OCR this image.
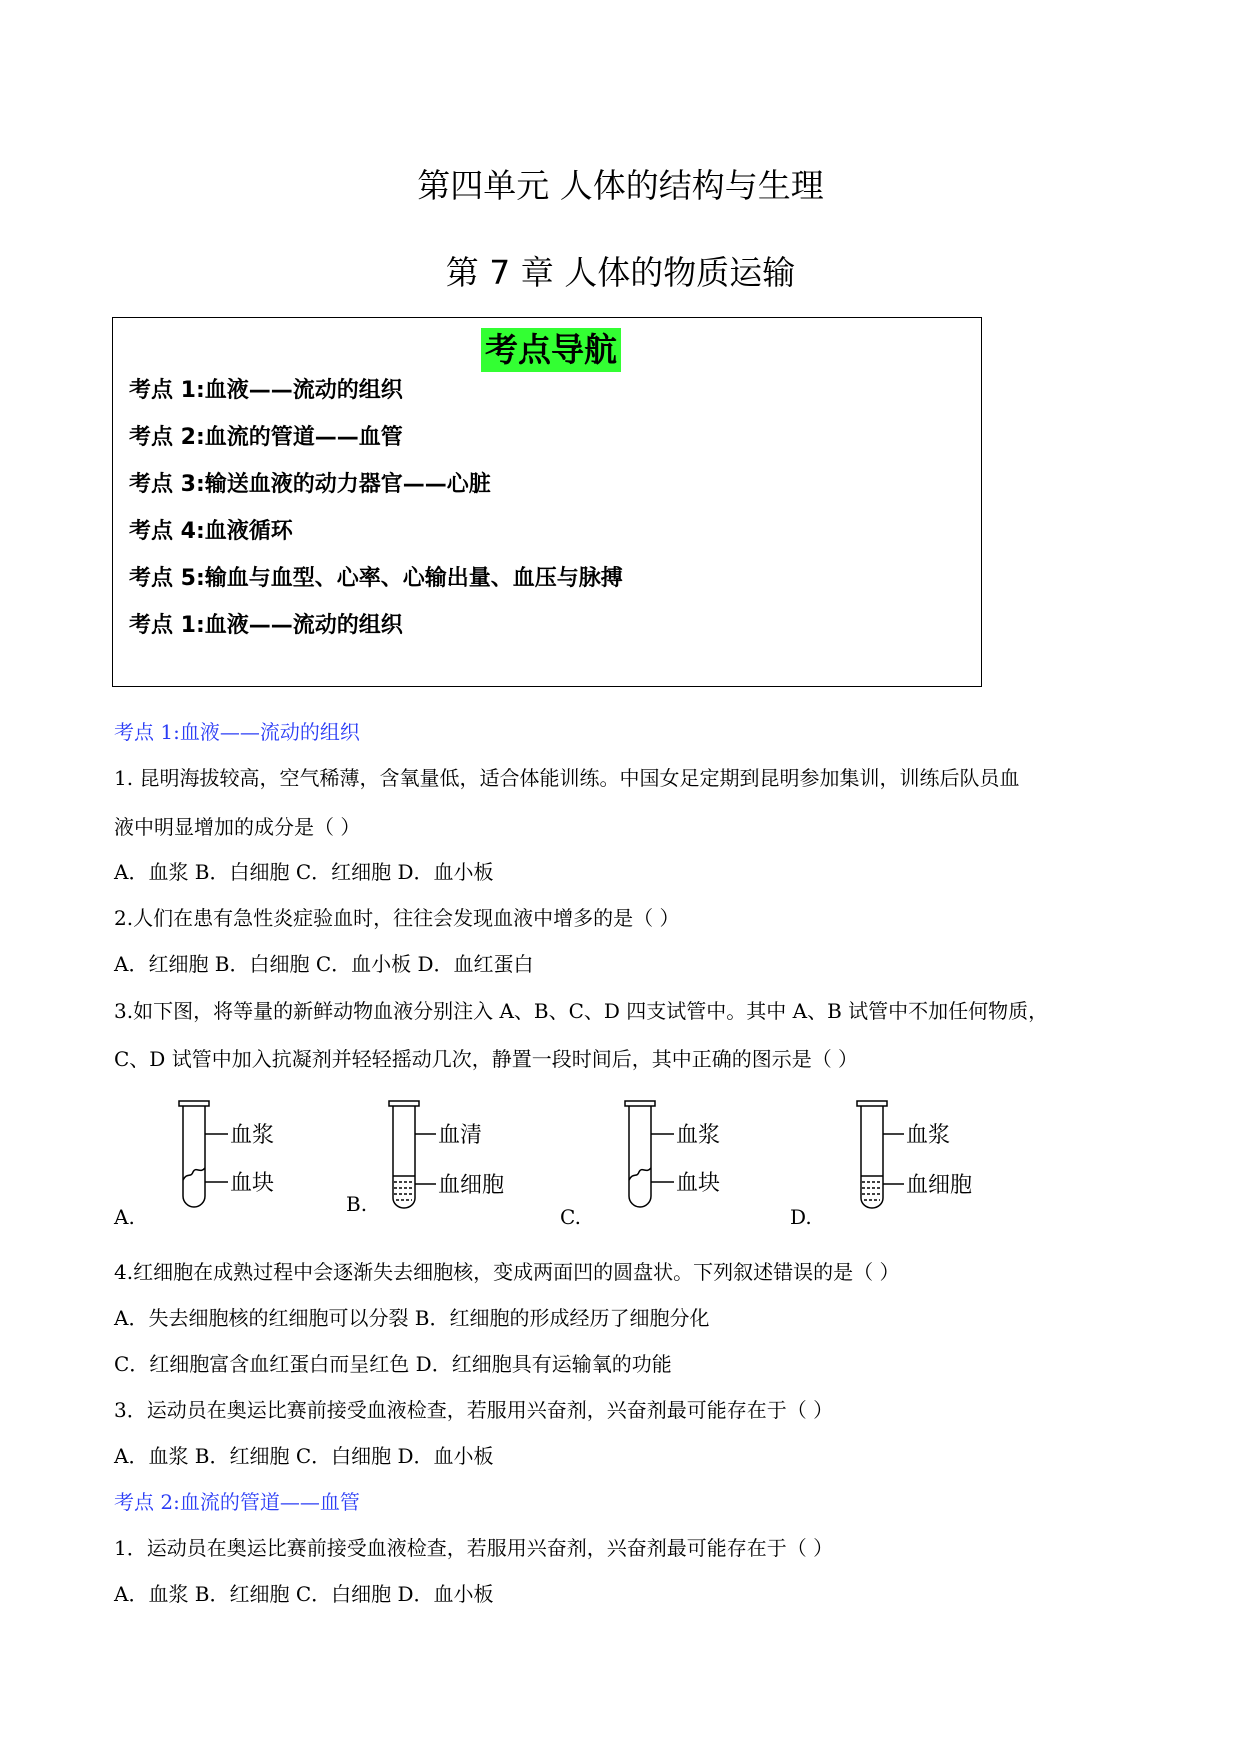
第四单元 人体的结构与生理
第 7 章 人体的物质运输
考点导航
考点 1:血液——流动的组织
考点 2:血流的管道——血管
考点 3:输送血液的动力器官——心脏
考点 4:血液循环
考点 5:输血与血型、心率、心输出量、血压与脉搏
考点 1:血液——流动的组织
考点 1:血液——流动的组织
1. 昆明海拔较高，空气稀薄，含氧量低，适合体能训练。中国女足定期到昆明参加集训，训练后队员血
液中明显增加的成分是（ ）
A．血浆 B．白细胞 C．红细胞 D．血小板
2.人们在患有急性炎症验血时，往往会发现血液中增多的是（ ）
A．红细胞 B．白细胞 C．血小板 D．血红蛋白
3.如下图，将等量的新鲜动物血液分别注入 A、B、C、D 四支试管中。其中 A、B 试管中不加任何物质，
C、D 试管中加入抗凝剂并轻轻摇动几次，静置一段时间后，其中正确的图示是（ ）
血浆
血块
A.
血清
血细胞
B.
血浆
血块
C.
血浆
血细胞
D.
4.红细胞在成熟过程中会逐渐失去细胞核，变成两面凹的圆盘状。下列叙述错误的是（ ）
A．失去细胞核的红细胞可以分裂 B．红细胞的形成经历了细胞分化
C．红细胞富含血红蛋白而呈红色 D．红细胞具有运输氧的功能
3．运动员在奥运比赛前接受血液检查，若服用兴奋剂，兴奋剂最可能存在于（ ）
A．血浆 B．红细胞 C．白细胞 D．血小板
考点 2:血流的管道——血管
1．运动员在奥运比赛前接受血液检查，若服用兴奋剂，兴奋剂最可能存在于（ ）
A．血浆 B．红细胞 C．白细胞 D．血小板
